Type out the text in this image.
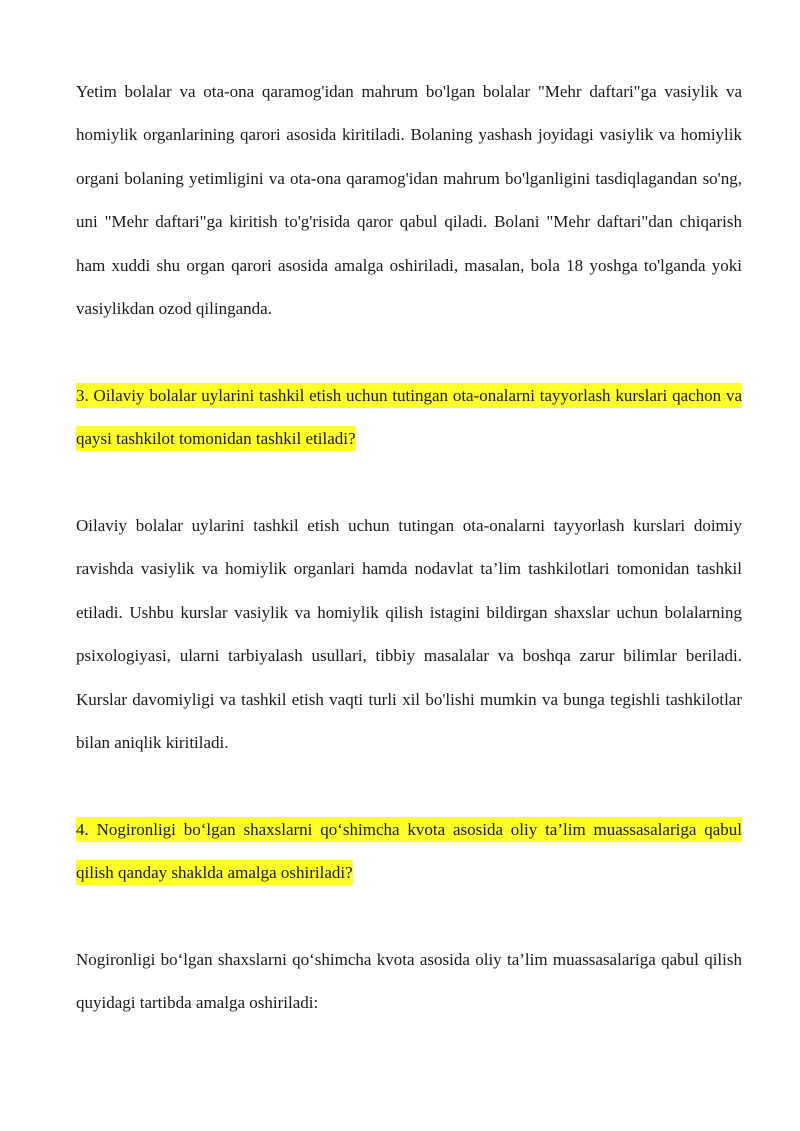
Yetim bolalar va ota-ona qaramog'idan mahrum bo'lgan bolalar "Mehr daftari"ga vasiylik va homiylik organlarining qarori asosida kiritiladi. Bolaning yashash joyidagi vasiylik va homiylik organi bolaning yetimligini va ota-ona qaramog'idan mahrum bo'lganligini tasdiqlagandan so'ng, uni "Mehr daftari"ga kiritish to'g'risida qaror qabul qiladi. Bolani "Mehr daftari"dan chiqarish ham xuddi shu organ qarori asosida amalga oshiriladi, masalan, bola 18 yoshga to'lganda yoki vasiylikdan ozod qilinganda.

3. Oilaviy bolalar uylarini tashkil etish uchun tutingan ota-onalarni tayyorlash kurslari qachon va qaysi tashkilot tomonidan tashkil etiladi?

Oilaviy bolalar uylarini tashkil etish uchun tutingan ota-onalarni tayyorlash kurslari doimiy ravishda vasiylik va homiylik organlari hamda nodavlat ta’lim tashkilotlari tomonidan tashkil etiladi. Ushbu kurslar vasiylik va homiylik qilish istagini bildirgan shaxslar uchun bolalarning psixologiyasi, ularni tarbiyalash usullari, tibbiy masalalar va boshqa zarur bilimlar beriladi. Kurslar davomiyligi va tashkil etish vaqti turli xil bo'lishi mumkin va bunga tegishli tashkilotlar bilan aniqlik kiritiladi.

4. Nogironligi bo‘lgan shaxslarni qo‘shimcha kvota asosida oliy ta’lim muassasalariga qabul qilish qanday shaklda amalga oshiriladi?

Nogironligi bo‘lgan shaxslarni qo‘shimcha kvota asosida oliy ta’lim muassasalariga qabul qilish quyidagi tartibda amalga oshiriladi:
